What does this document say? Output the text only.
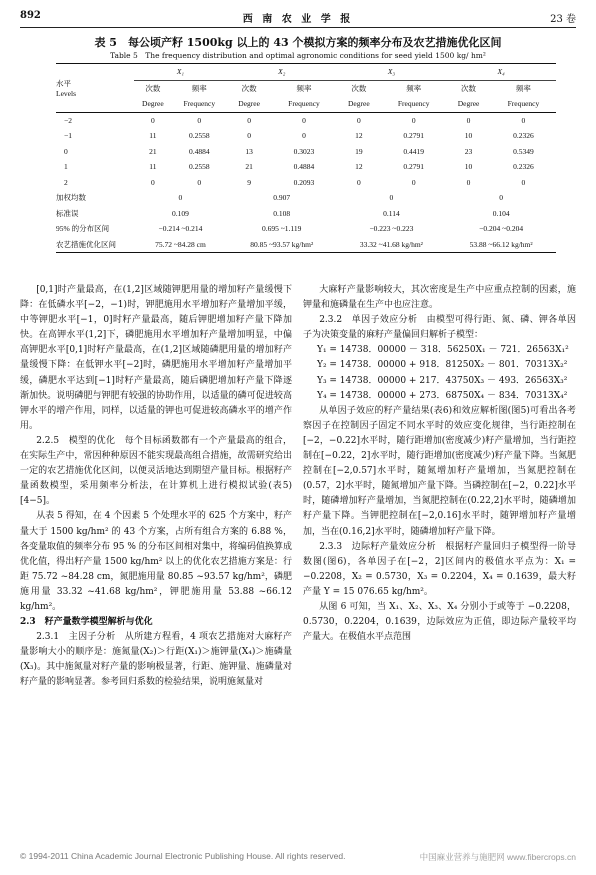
892	西 南 农 业 学 报	23 卷
表 5　每公顷产籽 1500kg 以上的 43 个模拟方案的频率分布及农艺措施优化区间
Table 5　The frequency distribution and optimal agronomic conditions for seed yield 1500 kg/ hm²
水平
Levels	X₁		X₂		X₃		X₄	
	次数	频率	次数	频率	次数	频率	次数	频率
	Degree	Frequency	Degree	Frequency	Degree	Frequency	Degree	Frequency
−2	0	0	0	0	0	0	0	0
−1	11	0.2558	0	0	12	0.2791	10	0.2326
0	21	0.4884	13	0.3023	19	0.4419	23	0.5349
1	11	0.2558	21	0.4884	12	0.2791	10	0.2326
2	0	0	9	0.2093	0	0	0	0
加权均数	0		0.907		0		0	
标准误	0.109		0.108		0.114		0.104	
95% 的分布区间	−0.214 ~0.214		0.695 ~1.119		−0.223 ~0.223		−0.204 ~0.204	
农艺措施优化区间	75.72 ~84.28 cm		80.85 ~93.57 kg/hm²		33.32 ~41.68 kg/hm²		53.88 ~66.12 kg/hm²	

[0,1]时产量最高，在(1,2]区域随钾肥用量的增加籽产量缓慢下降：在低磷水平[−2，−1)时，钾肥施用水平增加籽产量增加平缓，中等钾肥水平[−1，0]时籽产量最高，随后钾肥增加籽产量下降加快。在高钾水平(1,2]下，磷肥施用水平增加籽产量增加明显，中偏高钾肥水平[0,1]时籽产量最高，在(1,2]区域随磷肥用量的增加籽产量缓慢下降：在低钾水平[−2]时，磷肥施用水平增加籽产量增加平缓，磷肥水平达到[−1]时籽产量最高，随后磷肥增加籽产量下降逐渐加快。说明磷肥与钾肥有较强的协助作用，以适量的磷可促进较高钾水平的增产作用，同样，以适量的钾也可促进较高磷水平的增产作用。

2.2.5　模型的优化　每个目标函数都有一个产量最高的组合，在实际生产中，常因种种原因不能实现最高组合措施，故需研究给出一定的农艺措施优化区间，以便灵活地达到期望产量目标。根据籽产量函数模型，采用频率分析法，在计算机上进行模拟试验(表5)[4−5]。

从表 5 得知，在 4 个因素 5 个处理水平的 625 个方案中，籽产量大于 1500 kg/hm² 的 43 个方案，占所有组合方案的 6.88 %，各变量取值的频率分布 95 % 的分布区间相对集中，将编码值换算成优化值，得出籽产量 1500 kg/hm² 以上的优化农艺措施方案是：行距 75.72 ~84.28 cm，氮肥施用量 80.85 ~93.57 kg/hm²，磷肥施用量 33.32 ~41.68 kg/hm²，钾肥施用量 53.88 ~66.12 kg/hm²。

2.3　籽产量数学模型解析与优化

2.3.1　主因子分析　从所建方程看，4 项农艺措施对大麻籽产量影响大小的顺序是：施氮量(X₂)＞行距(X₁)＞施钾量(X₄)＞施磷量(X₃)。其中施氮量对籽产量的影响极显著，行距、施钾量、施磷量对籽产量的影响显著。参考回归系数的检验结果，说明施氮量对

大麻籽产量影响较大，其次密度是生产中应重点控制的因素，施钾量和施磷量在生产中也应注意。

2.3.2　单因子效应分析　由模型可得行距、氮、磷、钾各单因子为决策变量的麻籽产量偏回归解析子模型：

Y₁ = 14738．00000 － 318．56250X₁ － 721．26563X₁²

Y₂ = 14738．00000 + 918．81250X₂ － 801．70313X₂²

Y₃ = 14738．00000 + 217．43750X₃ － 493．26563X₃²

Y₄ = 14738．00000 + 273．68750X₄ － 834．70313X₄²

从单因子效应的籽产量结果(表6)和效应解析图(图5)可看出各考察因子在控制因子固定不同水平时的效应变化规律，当行距控制在[−2，−0.22]水平时，随行距增加(密度减少)籽产量增加，当行距控制在[−0.22，2]水平时，随行距增加(密度减少)籽产量下降。当氮肥控制在[−2,0.57]水平时，随氮增加籽产量增加，当氮肥控制在(0.57，2]水平时，随氮增加产量下降。当磷控制在[−2，0.22]水平时，随磷增加籽产量增加，当氮肥控制在(0.22,2]水平时，随磷增加籽产量下降。当钾肥控制在[−2,0.16]水平时，随钾增加籽产量增加，当在(0.16,2]水平时，随磷增加籽产量下降。

2.3.3　边际籽产量效应分析　根据籽产量回归子模型得一阶导数图(图6)，各单因子在[−2，2]区间内的极值水平点为：X₁ = −0.2208，X₂ = 0.5730，X₃ = 0.2204，X₄ = 0.1639，最大籽产量 Y = 15 076.65 kg/hm²。

从图 6 可知，当 X₁、X₂、X₃、X₄ 分别小于或等于 −0.2208，0.5730，0.2204，0.1639，边际效应为正值，即边际产量较平均产量大。在极值水平点范围

© 1994-2011 China Academic Journal Electronic Publishing House. All rights reserved.	中国麻业营养与施肥网 www.fibercrops.cn
